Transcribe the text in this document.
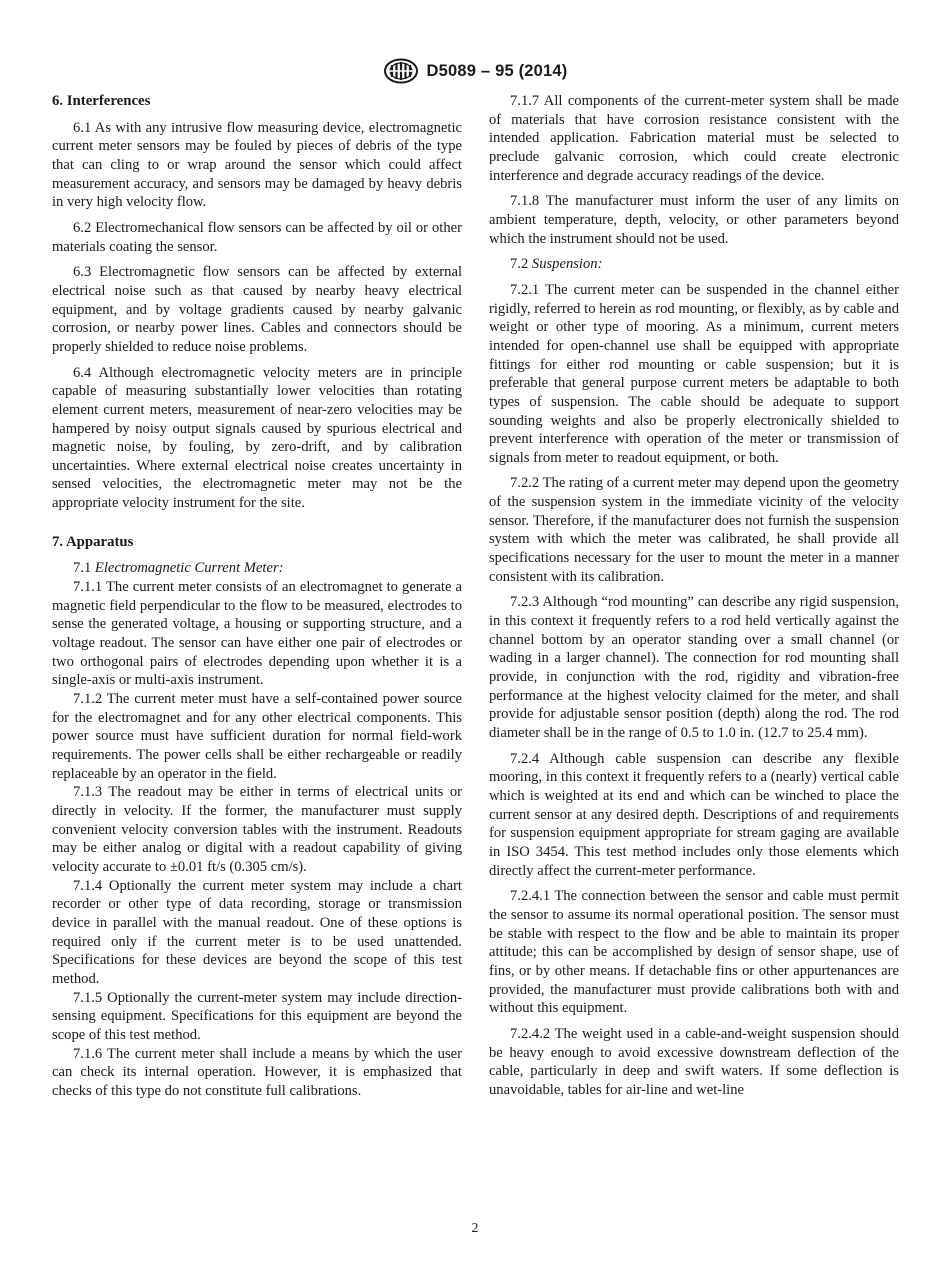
D5089 – 95 (2014)
6. Interferences

6.1 As with any intrusive flow measuring device, electromagnetic current meter sensors may be fouled by pieces of debris of the type that can cling to or wrap around the sensor which could affect measurement accuracy, and sensors may be damaged by heavy debris in very high velocity flow.

6.2 Electromechanical flow sensors can be affected by oil or other materials coating the sensor.

6.3 Electromagnetic flow sensors can be affected by external electrical noise such as that caused by nearby heavy electrical equipment, and by voltage gradients caused by nearby galvanic corrosion, or nearby power lines. Cables and connectors should be properly shielded to reduce noise problems.

6.4 Although electromagnetic velocity meters are in principle capable of measuring substantially lower velocities than rotating element current meters, measurement of near-zero velocities may be hampered by noisy output signals caused by spurious electrical and magnetic noise, by fouling, by zero-drift, and by calibration uncertainties. Where external electrical noise creates uncertainty in sensed velocities, the electromagnetic meter may not be the appropriate velocity instrument for the site.

7. Apparatus

7.1 Electromagnetic Current Meter:

7.1.1 The current meter consists of an electromagnet to generate a magnetic field perpendicular to the flow to be measured, electrodes to sense the generated voltage, a housing or supporting structure, and a voltage readout. The sensor can have either one pair of electrodes or two orthogonal pairs of electrodes depending upon whether it is a single-axis or multi-axis instrument.

7.1.2 The current meter must have a self-contained power source for the electromagnet and for any other electrical components. This power source must have sufficient duration for normal field-work requirements. The power cells shall be either rechargeable or readily replaceable by an operator in the field.

7.1.3 The readout may be either in terms of electrical units or directly in velocity. If the former, the manufacturer must supply convenient velocity conversion tables with the instrument. Readouts may be either analog or digital with a readout capability of giving velocity accurate to ±0.01 ft/s (0.305 cm/s).

7.1.4 Optionally the current meter system may include a chart recorder or other type of data recording, storage or transmission device in parallel with the manual readout. One of these options is required only if the current meter is to be used unattended. Specifications for these devices are beyond the scope of this test method.

7.1.5 Optionally the current-meter system may include direction-sensing equipment. Specifications for this equipment are beyond the scope of this test method.

7.1.6 The current meter shall include a means by which the user can check its internal operation. However, it is emphasized that checks of this type do not constitute full calibrations.

7.1.7 All components of the current-meter system shall be made of materials that have corrosion resistance consistent with the intended application. Fabrication material must be selected to preclude galvanic corrosion, which could create electronic interference and degrade accuracy readings of the device.

7.1.8 The manufacturer must inform the user of any limits on ambient temperature, depth, velocity, or other parameters beyond which the instrument should not be used.

7.2 Suspension:

7.2.1 The current meter can be suspended in the channel either rigidly, referred to herein as rod mounting, or flexibly, as by cable and weight or other type of mooring. As a minimum, current meters intended for open-channel use shall be equipped with appropriate fittings for either rod mounting or cable suspension; but it is preferable that general purpose current meters be adaptable to both types of suspension. The cable should be adequate to support sounding weights and also be properly electronically shielded to prevent interference with operation of the meter or transmission of signals from meter to readout equipment, or both.

7.2.2 The rating of a current meter may depend upon the geometry of the suspension system in the immediate vicinity of the velocity sensor. Therefore, if the manufacturer does not furnish the suspension system with which the meter was calibrated, he shall provide all specifications necessary for the user to mount the meter in a manner consistent with its calibration.

7.2.3 Although “rod mounting” can describe any rigid suspension, in this context it frequently refers to a rod held vertically against the channel bottom by an operator standing over a small channel (or wading in a larger channel). The connection for rod mounting shall provide, in conjunction with the rod, rigidity and vibration-free performance at the highest velocity claimed for the meter, and shall provide for adjustable sensor position (depth) along the rod. The rod diameter shall be in the range of 0.5 to 1.0 in. (12.7 to 25.4 mm).

7.2.4 Although cable suspension can describe any flexible mooring, in this context it frequently refers to a (nearly) vertical cable which is weighted at its end and which can be winched to place the current sensor at any desired depth. Descriptions of and requirements for suspension equipment appropriate for stream gaging are available in ISO 3454. This test method includes only those elements which directly affect the current-meter performance.

7.2.4.1 The connection between the sensor and cable must permit the sensor to assume its normal operational position. The sensor must be stable with respect to the flow and be able to maintain its proper attitude; this can be accomplished by design of sensor shape, use of fins, or by other means. If detachable fins or other appurtenances are provided, the manufacturer must provide calibrations both with and without this equipment.

7.2.4.2 The weight used in a cable-and-weight suspension should be heavy enough to avoid excessive downstream deflection of the cable, particularly in deep and swift waters. If some deflection is unavoidable, tables for air-line and wet-line

2
